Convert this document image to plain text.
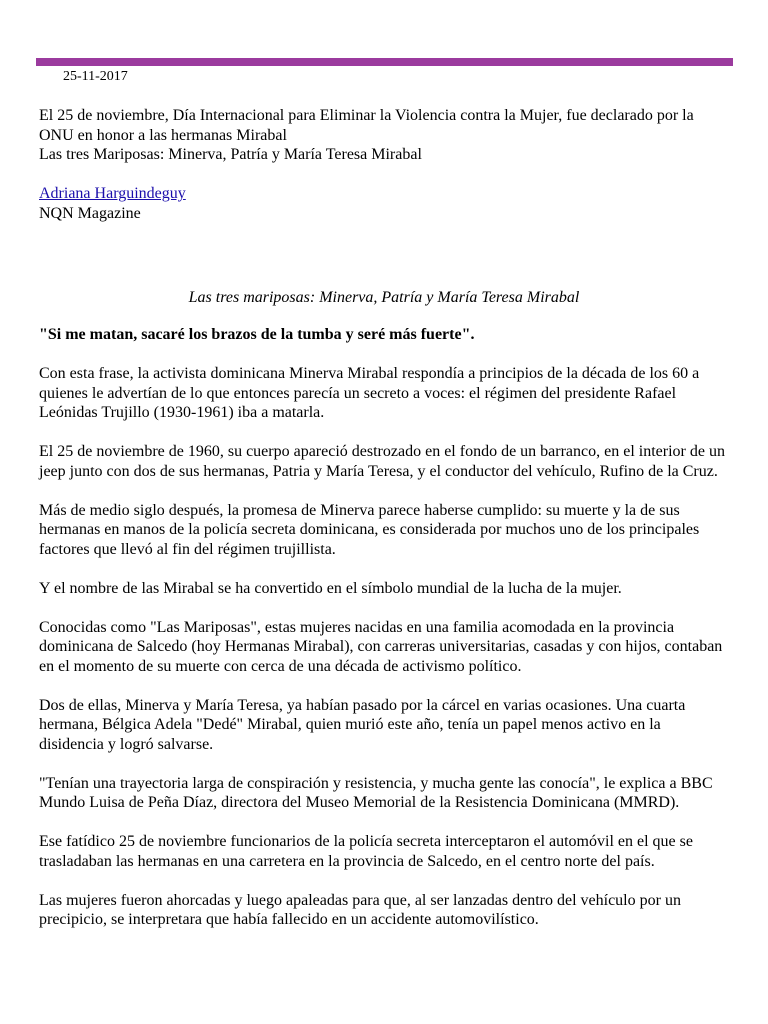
25-11-2017

El 25 de noviembre, Día Internacional para Eliminar la Violencia contra la Mujer, fue declarado por la ONU en honor a las hermanas Mirabal

Las tres Mariposas: Minerva, Patría y María Teresa Mirabal

Adriana Harguindeguy

NQN Magazine

Las tres mariposas: Minerva, Patría y María Teresa Mirabal

"Si me matan, sacaré los brazos de la tumba y seré más fuerte".

Con esta frase, la activista dominicana Minerva Mirabal respondía a principios de la década de los 60 a quienes le advertían de lo que entonces parecía un secreto a voces: el régimen del presidente Rafael Leónidas Trujillo (1930-1961) iba a matarla.

El 25 de noviembre de 1960, su cuerpo apareció destrozado en el fondo de un barranco, en el interior de un jeep junto con dos de sus hermanas, Patria y María Teresa, y el conductor del vehículo, Rufino de la Cruz.

Más de medio siglo después, la promesa de Minerva parece haberse cumplido: su muerte y la de sus hermanas en manos de la policía secreta dominicana, es considerada por muchos uno de los principales factores que llevó al fin del régimen trujillista.

Y el nombre de las Mirabal se ha convertido en el símbolo mundial de la lucha de la mujer.

Conocidas como "Las Mariposas", estas mujeres nacidas en una familia acomodada en la provincia dominicana de Salcedo (hoy Hermanas Mirabal), con carreras universitarias, casadas y con hijos, contaban en el momento de su muerte con cerca de una década de activismo político.

Dos de ellas, Minerva y María Teresa, ya habían pasado por la cárcel en varias ocasiones. Una cuarta hermana, Bélgica Adela "Dedé" Mirabal, quien murió este año, tenía un papel menos activo en la disidencia y logró salvarse.

"Tenían una trayectoria larga de conspiración y resistencia, y mucha gente las conocía", le explica a BBC Mundo Luisa de Peña Díaz, directora del Museo Memorial de la Resistencia Dominicana (MMRD).

Ese fatídico 25 de noviembre funcionarios de la policía secreta interceptaron el automóvil en el que se trasladaban las hermanas en una carretera en la provincia de Salcedo, en el centro norte del país.

Las mujeres fueron ahorcadas y luego apaleadas para que, al ser lanzadas dentro del vehículo por un precipicio, se interpretara que había fallecido en un accidente automovilístico.
